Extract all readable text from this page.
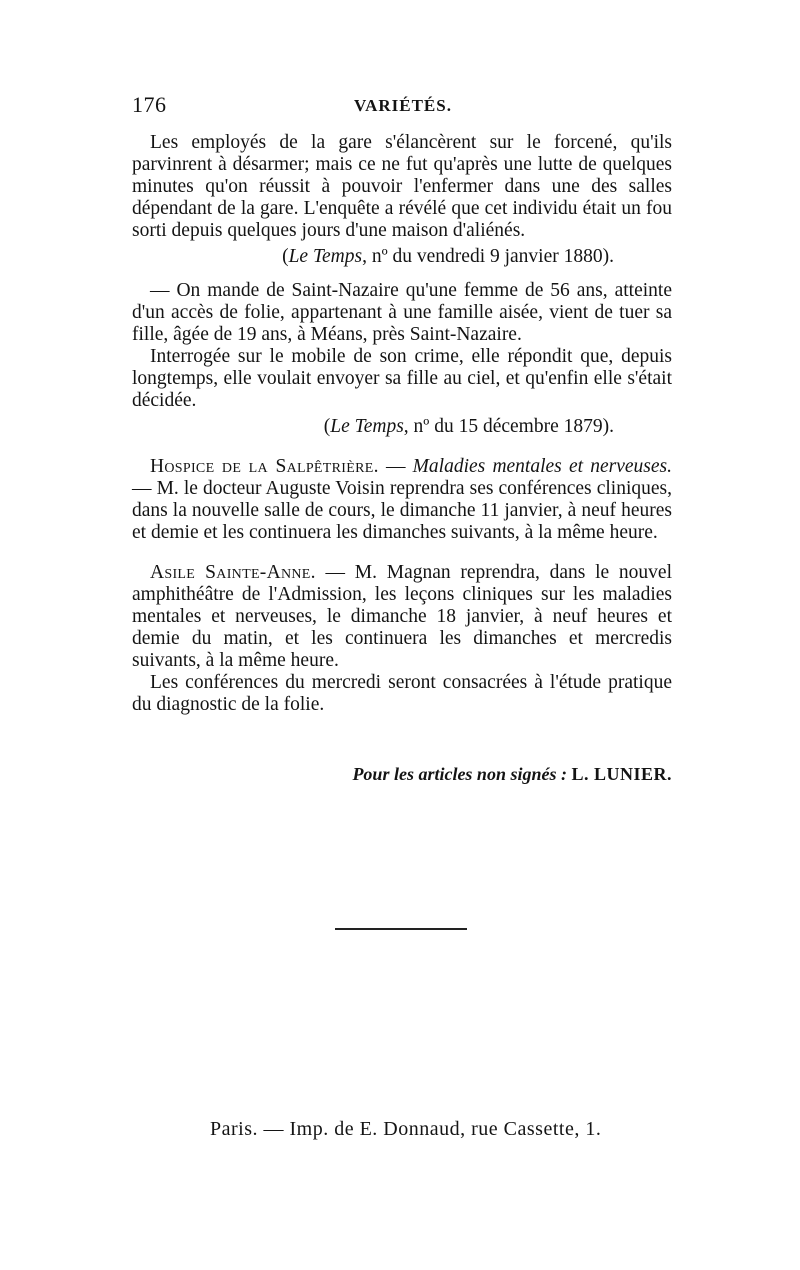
176	VARIÉTÉS.

Les employés de la gare s'élancèrent sur le forcené, qu'ils parvinrent à désarmer; mais ce ne fut qu'après une lutte de quelques minutes qu'on réussit à pouvoir l'enfermer dans une des salles dépendant de la gare. L'enquête a révélé que cet individu était un fou sorti depuis quelques jours d'une maison d'aliénés.

(Le Temps, nº du vendredi 9 janvier 1880).

— On mande de Saint-Nazaire qu'une femme de 56 ans, atteinte d'un accès de folie, appartenant à une famille aisée, vient de tuer sa fille, âgée de 19 ans, à Méans, près Saint-Nazaire.

Interrogée sur le mobile de son crime, elle répondit que, depuis longtemps, elle voulait envoyer sa fille au ciel, et qu'enfin elle s'était décidée.

(Le Temps, nº du 15 décembre 1879).

Hospice de la Salpêtrière. — Maladies mentales et nerveuses. — M. le docteur Auguste Voisin reprendra ses conférences cliniques, dans la nouvelle salle de cours, le dimanche 11 janvier, à neuf heures et demie et les continuera les dimanches suivants, à la même heure.

Asile Sainte-Anne. — M. Magnan reprendra, dans le nouvel amphithéâtre de l'Admission, les leçons cliniques sur les maladies mentales et nerveuses, le dimanche 18 janvier, à neuf heures et demie du matin, et les continuera les dimanches et mercredis suivants, à la même heure.

Les conférences du mercredi seront consacrées à l'étude pratique du diagnostic de la folie.

Pour les articles non signés : L. LUNIER.
Paris. — Imp. de E. Donnaud, rue Cassette, 1.
